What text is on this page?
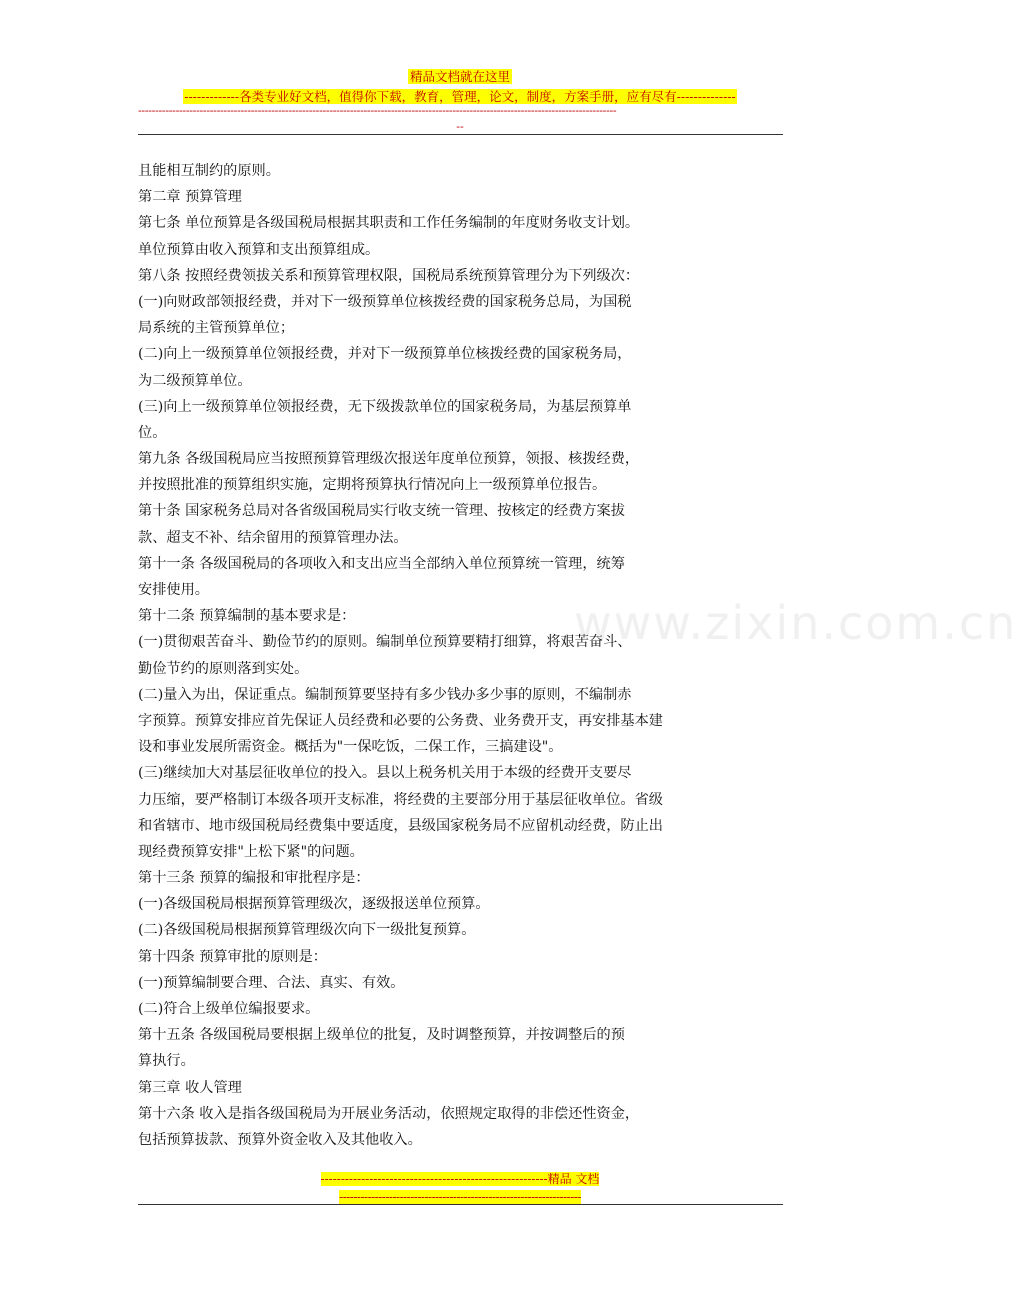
精品文档就在这里
-------------各类专业好文档，值得你下载，教育，管理，论文，制度，方案手册，应有尽有--------------
--------------------------------------------------------------------------------------------------------------------------------------------
--
且能相互制约的原则。
第二章 预算管理
第七条 单位预算是各级国税局根据其职责和工作任务编制的年度财务收支计划。
单位预算由收入预算和支出预算组成。
第八条 按照经费领拔关系和预算管理权限，国税局系统预算管理分为下列级次：
(一)向财政部领报经费，并对下一级预算单位核拨经费的国家税务总局，为国税
局系统的主管预算单位；
(二)向上一级预算单位领报经费，并对下一级预算单位核拨经费的国家税务局，
为二级预算单位。
(三)向上一级预算单位领报经费，无下级拨款单位的国家税务局，为基层预算单
位。
第九条 各级国税局应当按照预算管理级次报送年度单位预算，领报、核拨经费，
并按照批准的预算组织实施，定期将预算执行情况向上一级预算单位报告。
第十条 国家税务总局对各省级国税局实行收支统一管理、按核定的经费方案拔
款、超支不补、结余留用的预算管理办法。
第十一条 各级国税局的各项收入和支出应当全部纳入单位预算统一管理，统筹
安排使用。
第十二条 预算编制的基本要求是：
(一)贯彻艰苦奋斗、勤俭节约的原则。编制单位预算要精打细算，将艰苦奋斗、
勤俭节约的原则落到实处。
(二)量入为出，保证重点。编制预算要坚持有多少钱办多少事的原则，不编制赤
字预算。预算安排应首先保证人员经费和必要的公务费、业务费开支，再安排基本建
设和事业发展所需资金。概括为"一保吃饭，二保工作，三搞建设"。
(三)继续加大对基层征收单位的投入。县以上税务机关用于本级的经费开支要尽
力压缩，要严格制订本级各项开支标准，将经费的主要部分用于基层征收单位。省级
和省辖市、地市级国税局经费集中要适度，县级国家税务局不应留机动经费，防止出
现经费预算安排"上松下紧"的问题。
第十三条 预算的编报和审批程序是：
(一)各级国税局根据预算管理级次，逐级报送单位预算。
(二)各级国税局根据预算管理级次向下一级批复预算。
第十四条 预算审批的原则是：
(一)预算编制要合理、合法、真实、有效。
(二)符合上级单位编报要求。
第十五条 各级国税局要根据上级单位的批复，及时调整预算，并按调整后的预
算执行。
第三章 收人管理
第十六条 收入是指各级国税局为开展业务活动，依照规定取得的非偿还性资金，
包括预算拔款、预算外资金收入及其他收入。
www.zixin.com.cn
--------------------------------------------------------精品 文档
--------------------------------------------------------------------
